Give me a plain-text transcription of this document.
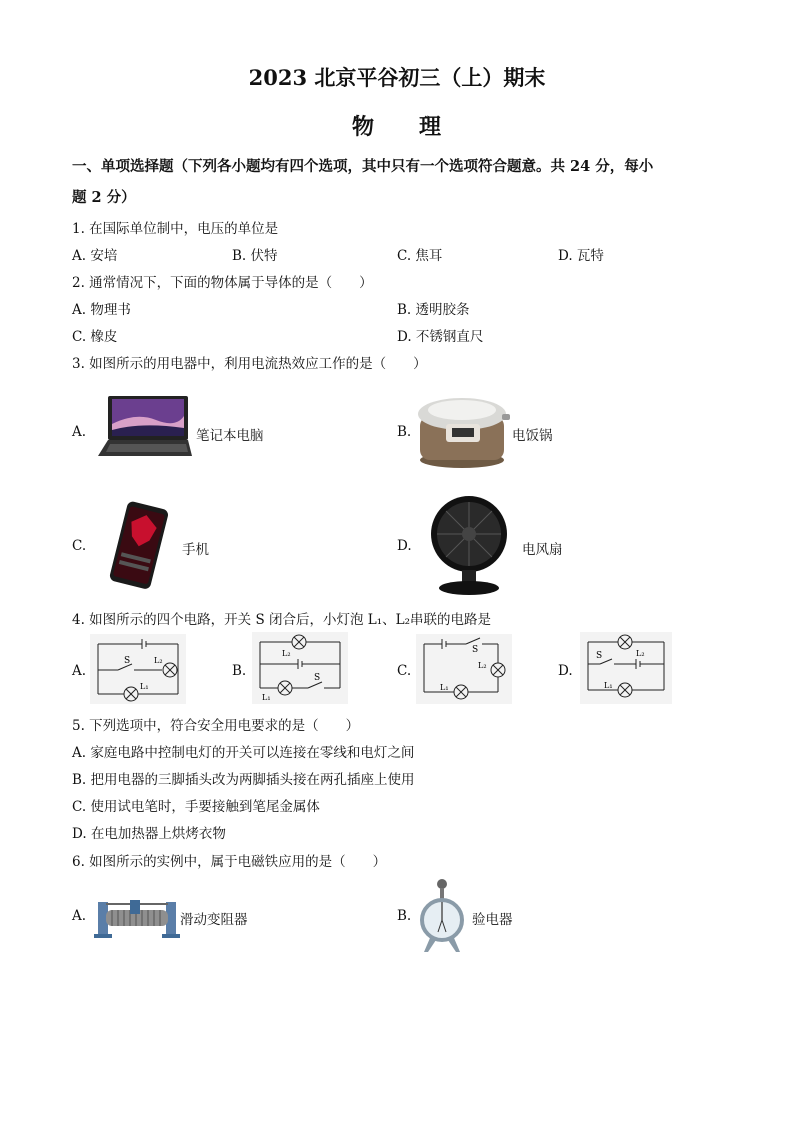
2023 北京平谷初三（上）期末
物 理
一、单项选择题（下列各小题均有四个选项，其中只有一个选项符合题意。共 24 分，每小
题 2 分）
1. 在国际单位制中，电压的单位是
A. 安培	B. 伏特	C. 焦耳	D. 瓦特
2. 通常情况下，下面的物体属于导体的是（　　）
A. 物理书	B. 透明胶条
C. 橡皮	D. 不锈钢直尺
3. 如图所示的用电器中，利用电流热效应工作的是（　　）
A.	笔记本电脑	B.	电饭锅
C.	手机	D.	电风扇
4. 如图所示的四个电路，开关 S 闭合后，小灯泡 L₁、L₂串联的电路是
A.
S	L₂
L₁
B.
L₂
L₁
S	C.
S
L₂
L₁
D.
S	L₂
L₁
5. 下列选项中，符合安全用电要求的是（　　）
A. 家庭电路中控制电灯的开关可以连接在零线和电灯之间
B. 把用电器的三脚插头改为两脚插头接在两孔插座上使用
C. 使用试电笔时，手要接触到笔尾金属体
D. 在电加热器上烘烤衣物
6. 如图所示的实例中，属于电磁铁应用的是（　　）
A.	滑动变阻器	B.	验电器
